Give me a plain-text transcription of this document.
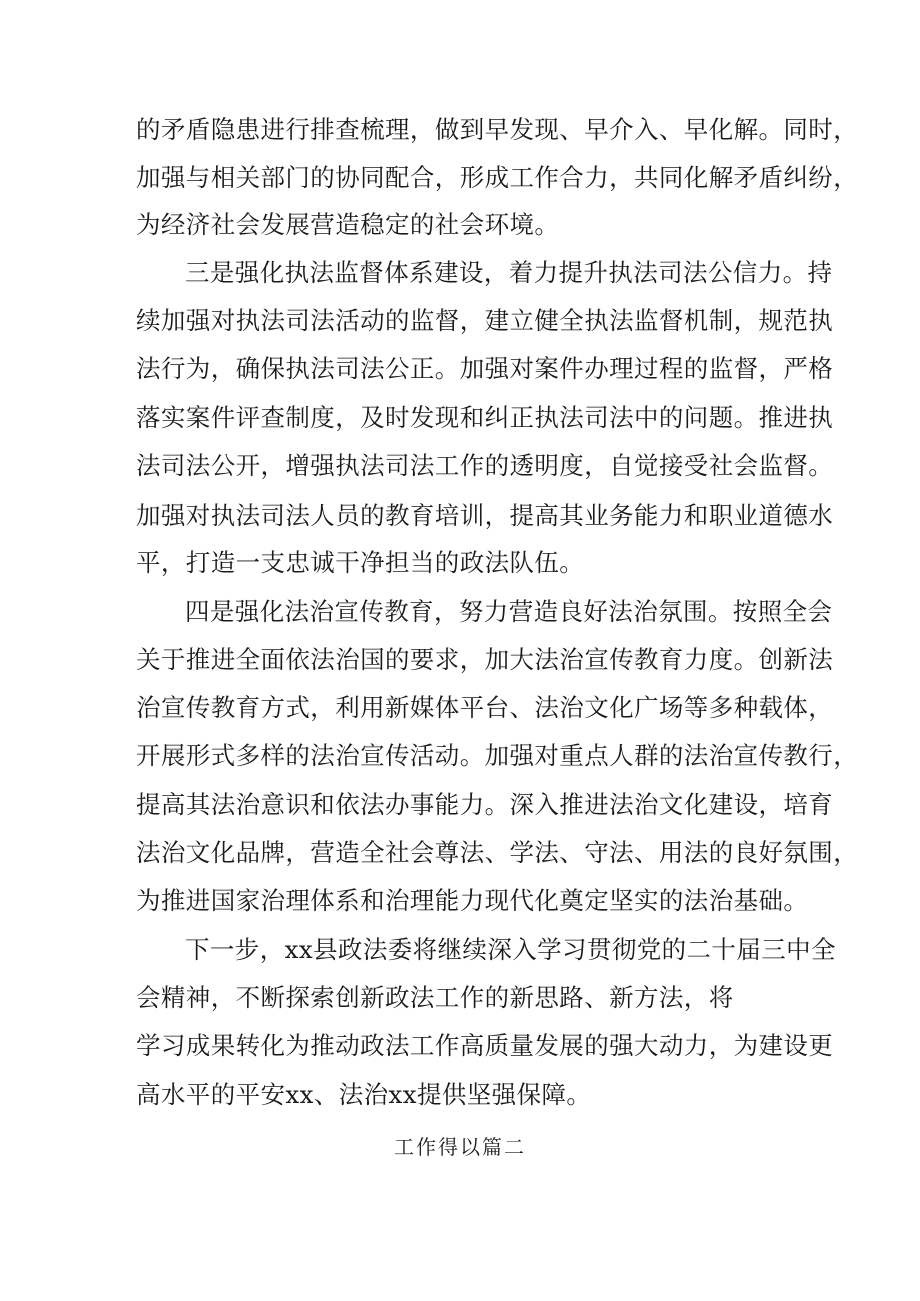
的矛盾隐患进行排查梳理，做到早发现、早介入、早化解。同时，
加强与相关部门的协同配合，形成工作合力，共同化解矛盾纠纷，
为经济社会发展营造稳定的社会环境。
三是强化执法监督体系建设，着力提升执法司法公信力。持
续加强对执法司法活动的监督，建立健全执法监督机制，规范执
法行为，确保执法司法公正。加强对案件办理过程的监督，严格
落实案件评查制度，及时发现和纠正执法司法中的问题。推进执
法司法公开，增强执法司法工作的透明度，自觉接受社会监督。
加强对执法司法人员的教育培训，提高其业务能力和职业道德水
平，打造一支忠诚干净担当的政法队伍。
四是强化法治宣传教育，努力营造良好法治氛围。按照全会
关于推进全面依法治国的要求，加大法治宣传教育力度。创新法
治宣传教育方式，利用新媒体平台、法治文化广场等多种载体，
开展形式多样的法治宣传活动。加强对重点人群的法治宣传教行，
提高其法治意识和依法办事能力。深入推进法治文化建设，培育
法治文化品牌，营造全社会尊法、学法、守法、用法的良好氛围，
为推进国家治理体系和治理能力现代化奠定坚实的法治基础。
下一步，xx县政法委将继续深入学习贯彻党的二十届三中全
会精神，不断探索创新政法工作的新思路、新方法，将
学习成果转化为推动政法工作高质量发展的强大动力，为建设更
高水平的平安xx、法治xx提供坚强保障。
工作得以篇二
